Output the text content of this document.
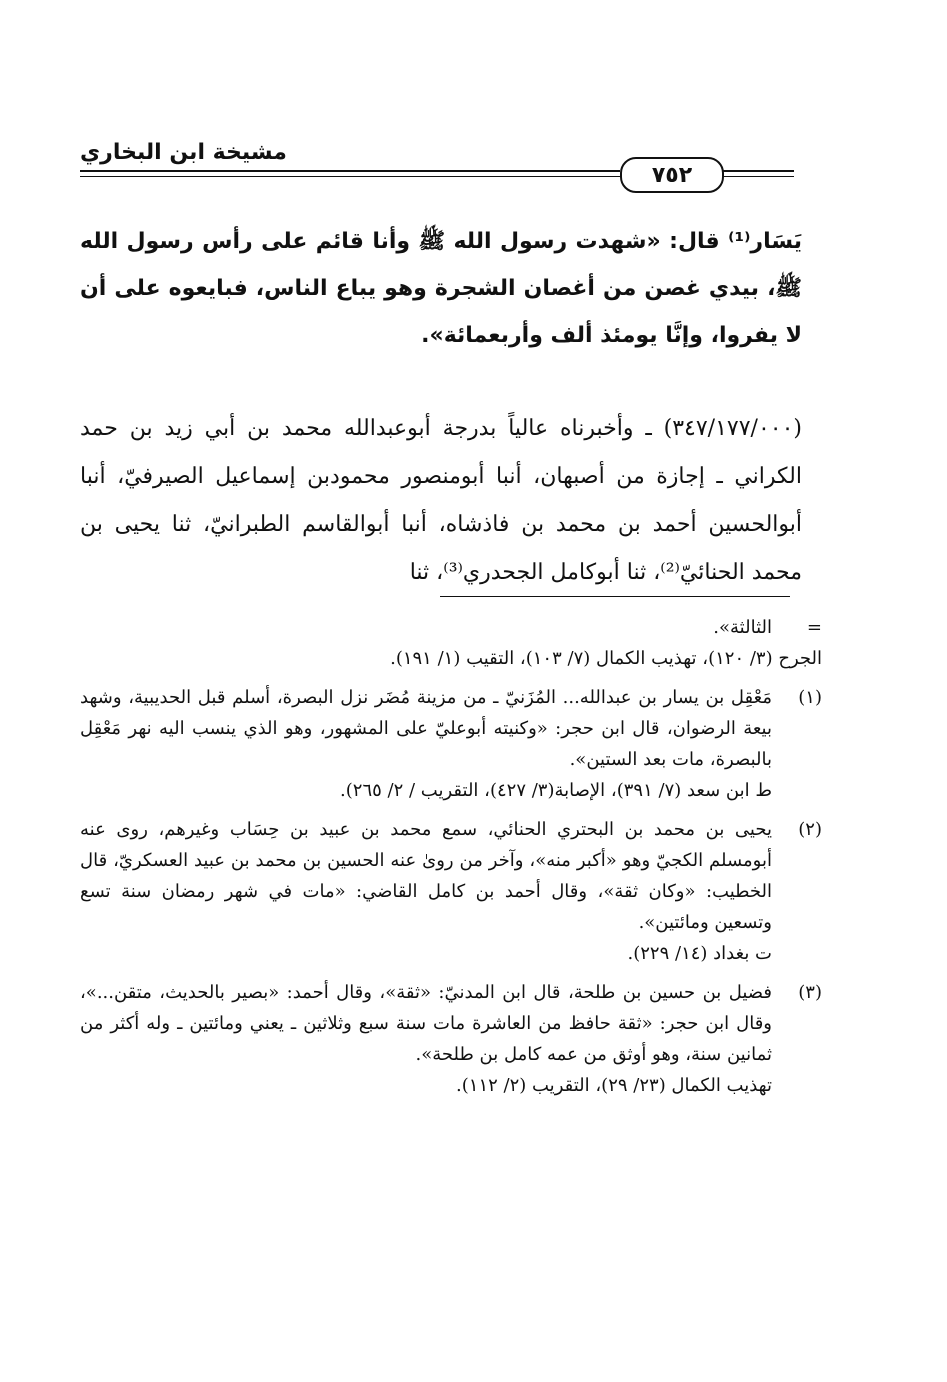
مشيخة ابن البخاري
٧٥٢

يَسَار⁽¹⁾ قال: «شهدت رسول الله ﷺ وأنا قائم على رأس رسول الله ﷺ، بيدي غصن من أغصان الشجرة وهو يباع الناس، فبايعوه على أن لا يفروا، وإنَّا يومئذ ألف وأربعمائة».

(٣٤٧/١٧٧/٠٠٠) ـ وأخبرناه عالياً بدرجة أبوعبدالله محمد بن أبي زيد بن حمد الكراني ـ إجازة من أصبهان، أنبا أبومنصور محمودبن إسماعيل الصيرفيّ، أنبا أبوالحسين أحمد بن محمد بن فاذشاه، أنبا أبوالقاسم الطبرانيّ، ثنا يحيى بن محمد الحنائيّ⁽²⁾، ثنا أبوكامل الجحدري⁽³⁾، ثنا

=
الثالثة».
الجرح (٣/ ١٢٠)، تهذيب الكمال (٧/ ١٠٣)، التقيب (١/ ١٩١).
(١)
مَعْقِل بن يسار بن عبدالله... المُزَنيّ ـ من مزينة مُضَر نزل البصرة، أسلم قبل الحديبية، وشهد بيعة الرضوان، قال ابن حجر: «وكنيته أبوعليّ على المشهور، وهو الذي ينسب اليه نهر مَعْقِل بالبصرة، مات بعد الستين».
ط ابن سعد (٧/ ٣٩١)، الإصابة(٣/ ٤٢٧)، التقريب / ٢/ ٢٦٥).
(٢)
يحيى بن محمد بن البحتري الحنائي، سمع محمد بن عبيد بن حِسَاب وغيرهم، روى عنه أبومسلم الكجيّ وهو «أكبر منه»، وآخر من روىٰ عنه الحسين بن محمد بن عبيد العسكريّ، قال الخطيب: «وكان ثقة»، وقال أحمد بن كامل القاضي: «مات في شهر رمضان سنة تسع وتسعين ومائتين».
ت بغداد (١٤/ ٢٢٩).
(٣)
فضيل بن حسين بن طلحة، قال ابن المدنيّ: «ثقة»، وقال أحمد: «بصير بالحديث، متقن...»، وقال ابن حجر: «ثقة حافظ من العاشرة مات سنة سبع وثلاثين ـ يعني ومائتين ـ وله أكثر من ثمانين سنة، وهو أوثق من عمه كامل بن طلحة».
تهذيب الكمال (٢٣/ ٢٩)، التقريب (٢/ ١١٢).
